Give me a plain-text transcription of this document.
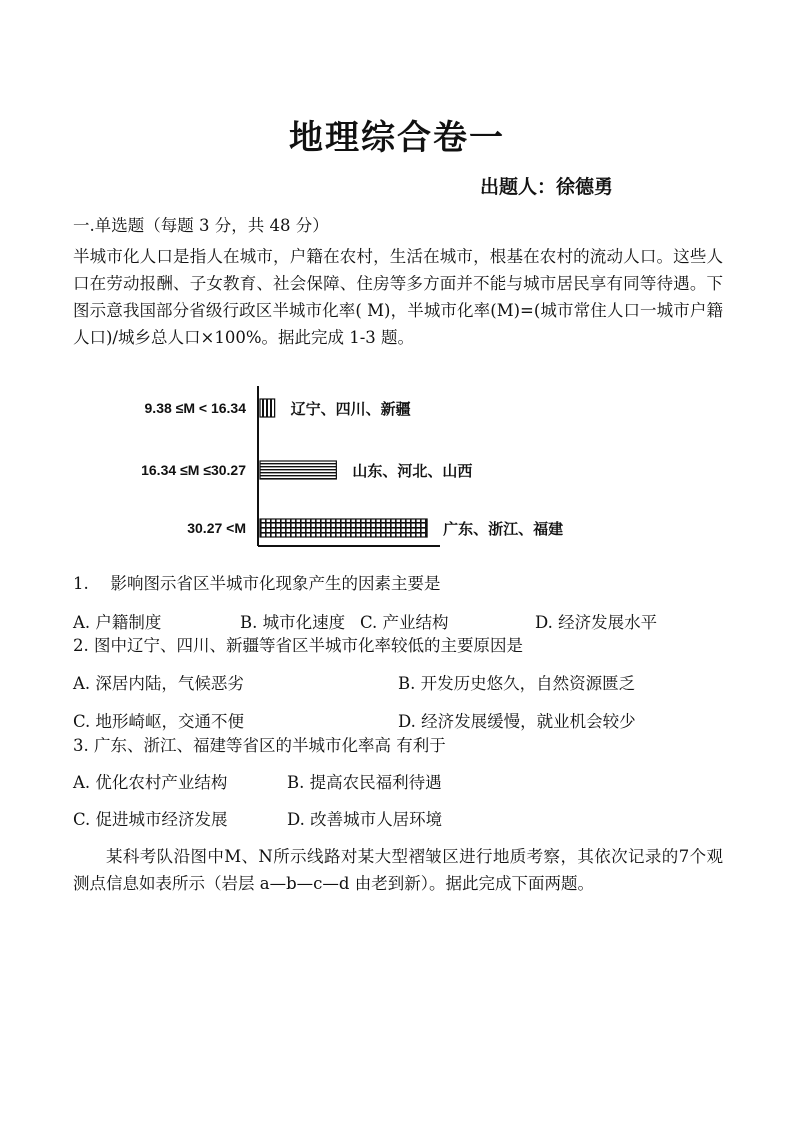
地理综合卷一
出题人：徐德勇
一.单选题（每题 3 分，共 48 分）
半城市化人口是指人在城市，户籍在农村，生活在城市，根基在农村的流动人口。这些人口在劳动报酬、子女教育、社会保障、住房等多方面并不能与城市居民享有同等待遇。下图示意我国部分省级行政区半城市化率( M)，半城市化率(M)=(城市常住人口一城市户籍人口)/城乡总人口×100%。据此完成 1-3 题。
9.38 ≤M < 16.34	辽宁、四川、新疆
16.34 ≤M ≤30.27	山东、河北、山西
30.27 <M	广东、浙江、福建
1.　 影响图示省区半城市化现象产生的因素主要是
A. 户籍制度	B. 城市化速度 C. 产业结构	D. 经济发展水平
2. 图中辽宁、四川、新疆等省区半城市化率较低的主要原因是
A. 深居内陆，气候恶劣	B. 开发历史悠久，自然资源匮乏
C. 地形崎岖，交通不便	D. 经济发展缓慢，就业机会较少
3. 广东、浙江、福建等省区的半城市化率高 有利于
A. 优化农村产业结构	B. 提高农民福利待遇
C. 促进城市经济发展	D. 改善城市人居环境
某科考队沿图中M、N所示线路对某大型褶皱区进行地质考察，其依次记录的7个观测点信息如表所示（岩层 a—b—c—d 由老到新）。据此完成下面两题。
